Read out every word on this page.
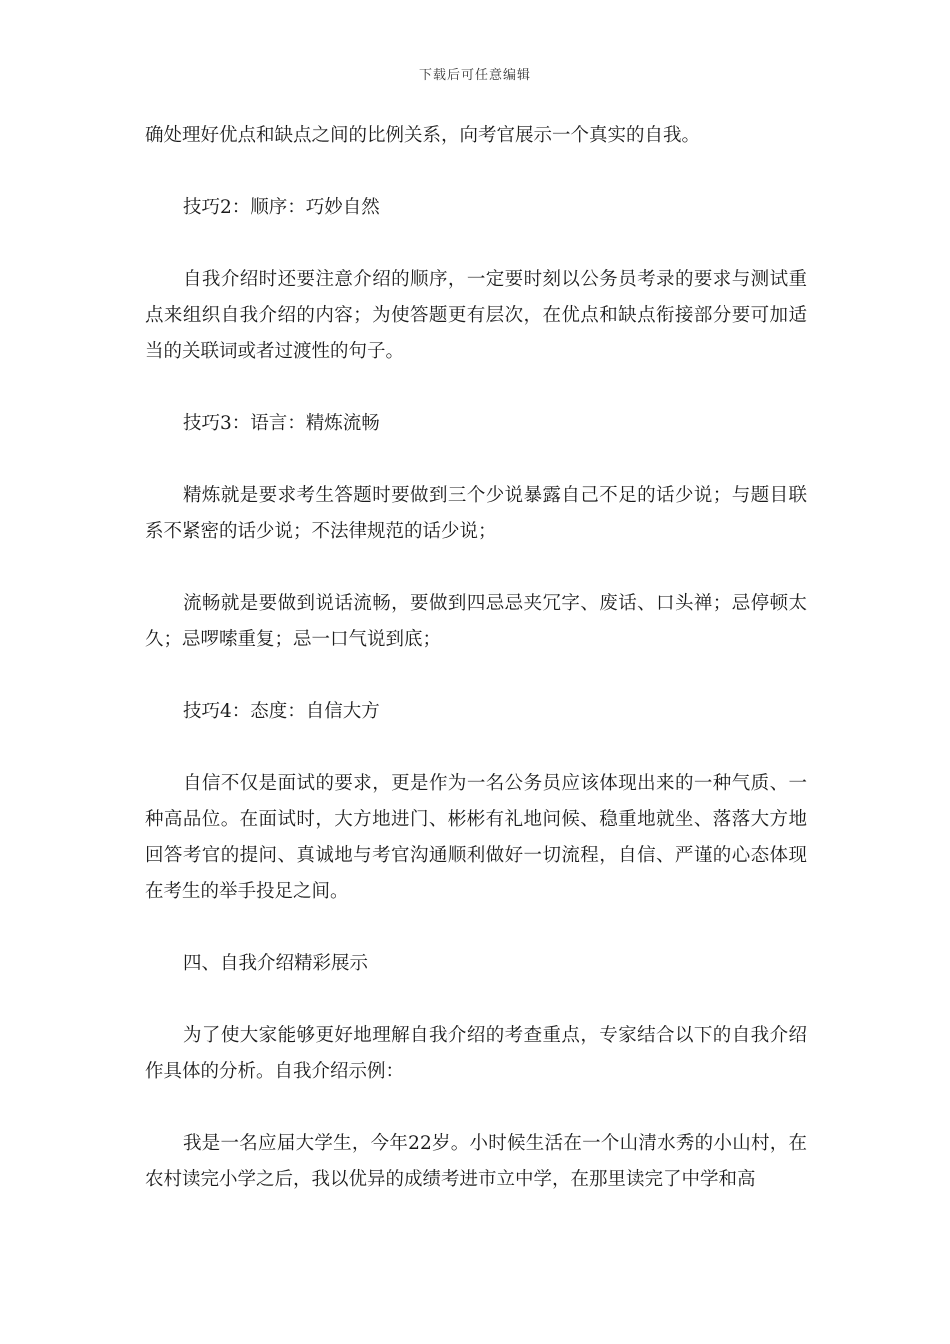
下载后可任意编辑

确处理好优点和缺点之间的比例关系，向考官展示一个真实的自我。

技巧2：顺序：巧妙自然

自我介绍时还要注意介绍的顺序，一定要时刻以公务员考录的要求与测试重点来组织自我介绍的内容；为使答题更有层次，在优点和缺点衔接部分要可加适当的关联词或者过渡性的句子。

技巧3：语言：精炼流畅

精炼就是要求考生答题时要做到三个少说暴露自己不足的话少说；与题目联系不紧密的话少说；不法律规范的话少说；

流畅就是要做到说话流畅，要做到四忌忌夹冗字、废话、口头禅；忌停顿太久；忌啰嗦重复；忌一口气说到底；

技巧4：态度：自信大方

自信不仅是面试的要求，更是作为一名公务员应该体现出来的一种气质、一种高品位。在面试时，大方地进门、彬彬有礼地问候、稳重地就坐、落落大方地回答考官的提问、真诚地与考官沟通顺利做好一切流程，自信、严谨的心态体现在考生的举手投足之间。

四、自我介绍精彩展示

为了使大家能够更好地理解自我介绍的考查重点，专家结合以下的自我介绍作具体的分析。自我介绍示例：

我是一名应届大学生，今年22岁。小时候生活在一个山清水秀的小山村，在农村读完小学之后，我以优异的成绩考进市立中学，在那里读完了中学和高
